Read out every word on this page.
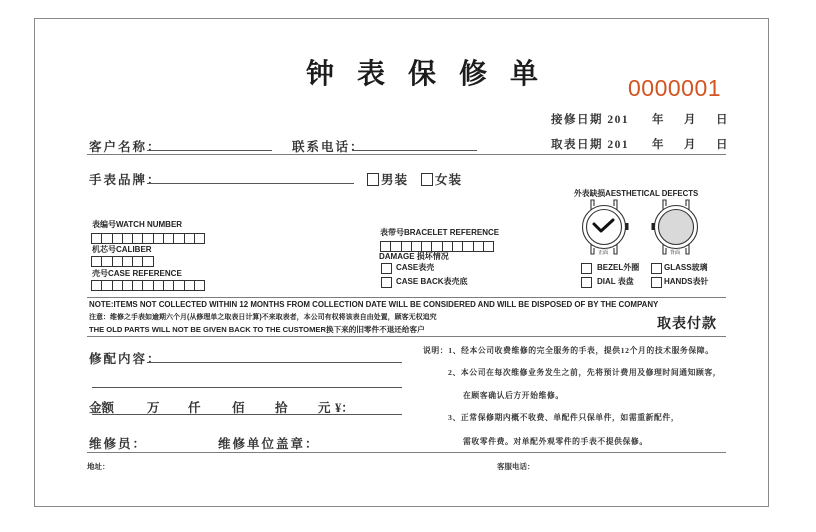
钟表保修单	0000001
接修日期 201 年 月 日
取表日期 201 年 月 日
客户名称：	联系电话：
手表品牌：	男装	女装
表编号WATCH NUMBER
机芯号CALIBER
壳号CASE REFERENCE
表带号BRACELET REFERENCE
DAMAGE 损坏情况
CASE表壳
CASE BACK表壳底
外表缺损AESTHETICAL DEFECTS
正面	背面
BEZEL外圈	GLASS玻璃
DIAL 表盘	HANDS表针
NOTE:ITEMS NOT COLLECTED WITHIN 12 MONTHS FROM COLLECTION DATE WILL BE CONSIDERED AND WILL BE DISPOSED OF BY THE COMPANY
注意：维修之手表如逾期六个月(从修理单之取表日计算)不来取表者，本公司有权将该表自由处置，顾客无权追究
THE OLD PARTS WILL NOT BE GIVEN BACK TO THE CUSTOMER换下来的旧零件不退还给客户	取表付款
修配内容：
金额	万 仟	佰 拾 元 ¥：
维修员：	维修单位盖章：
说明：1、经本公司收费维修的完全服务的手表，提供12个月的技术服务保障。
2、本公司在每次维修业务发生之前，先将预计费用及修理时间通知顾客，
在顾客确认后方开始维修。
3、正常保修期内概不收费、单配件只保单件，如需重新配件，
需收零件费。对单配外观零件的手表不提供保修。
地址：	客服电话：
